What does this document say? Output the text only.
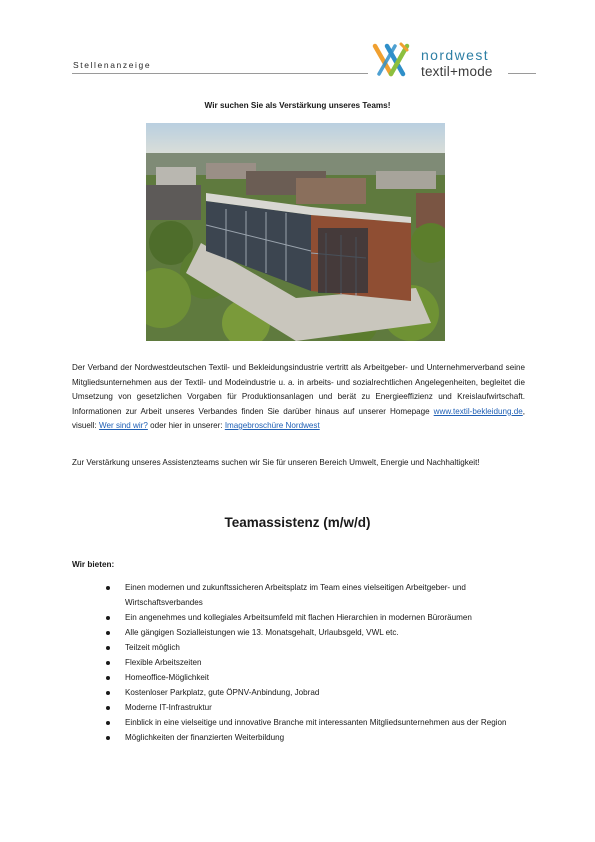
Stellenanzeige
nordwest
textil+mode
Wir suchen Sie als Verstärkung unseres Teams!
Der Verband der Nordwestdeutschen Textil- und Bekleidungsindustrie vertritt als Arbeitgeber- und Unternehmerverband seine Mitgliedsunternehmen aus der Textil- und Modeindustrie u. a. in arbeits- und sozialrechtlichen Angelegenheiten, begleitet die Umsetzung von gesetzlichen Vorgaben für Produktionsanlagen und berät zu Energieeffizienz und Kreislaufwirtschaft. Informationen zur Arbeit unseres Verbandes finden Sie darüber hinaus auf unserer Homepage www.textil-bekleidung.de, visuell: Wer sind wir? oder hier in unserer: Imagebroschüre Nordwest
Zur Verstärkung unseres Assistenzteams suchen wir Sie für unseren Bereich Umwelt, Energie und Nachhaltigkeit!
Teamassistenz (m/w/d)
Wir bieten:
Einen modernen und zukunftssicheren Arbeitsplatz im Team eines vielseitigen Arbeitgeber- und Wirtschaftsverbandes
Ein angenehmes und kollegiales Arbeitsumfeld mit flachen Hierarchien in modernen Büroräumen
Alle gängigen Sozialleistungen wie 13. Monatsgehalt, Urlaubsgeld, VWL etc.
Teilzeit möglich
Flexible Arbeitszeiten
Homeoffice-Möglichkeit
Kostenloser Parkplatz, gute ÖPNV-Anbindung, Jobrad
Moderne IT-Infrastruktur
Einblick in eine vielseitige und innovative Branche mit interessanten Mitgliedsunternehmen aus der Region
Möglichkeiten der finanzierten Weiterbildung
